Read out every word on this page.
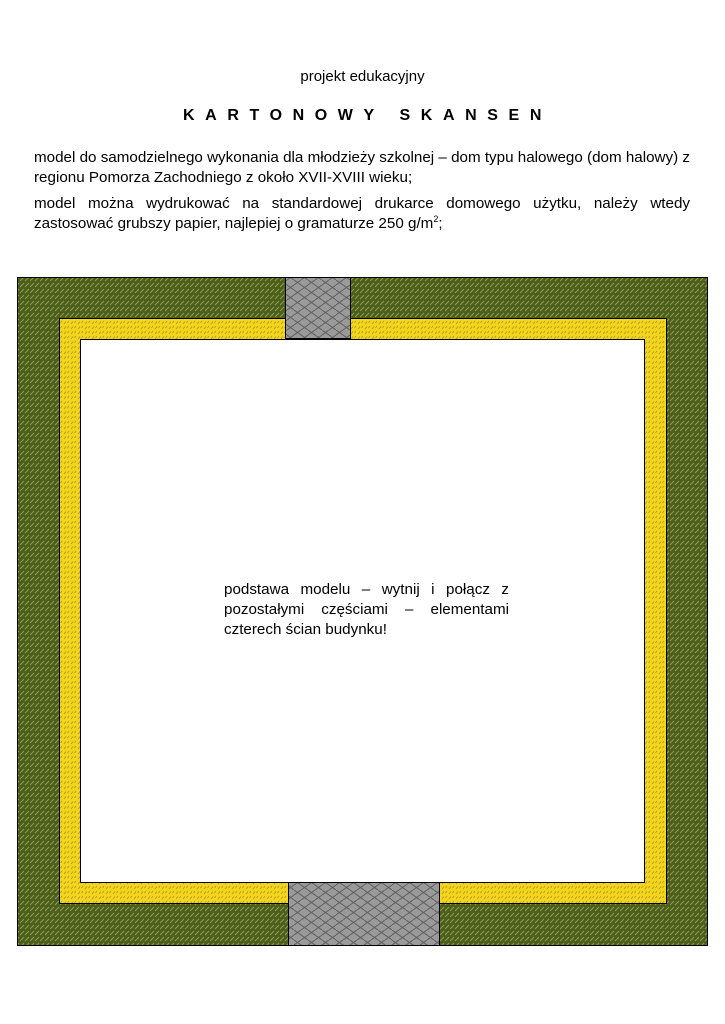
projekt edukacyjny
KARTONOWY SKANSEN
model do samodzielnego wykonania dla młodzieży szkolnej – dom typu halowego (dom halowy) z regionu Pomorza Zachodniego z około XVII-XVIII wieku;
model można wydrukować na standardowej drukarce domowego użytku, należy wtedy zastosować grubszy papier, najlepiej o gramaturze 250 $g/m^2$;
podstawa modelu – wytnij i połącz z pozostałymi częściami – elementami czterech ścian budynku!
